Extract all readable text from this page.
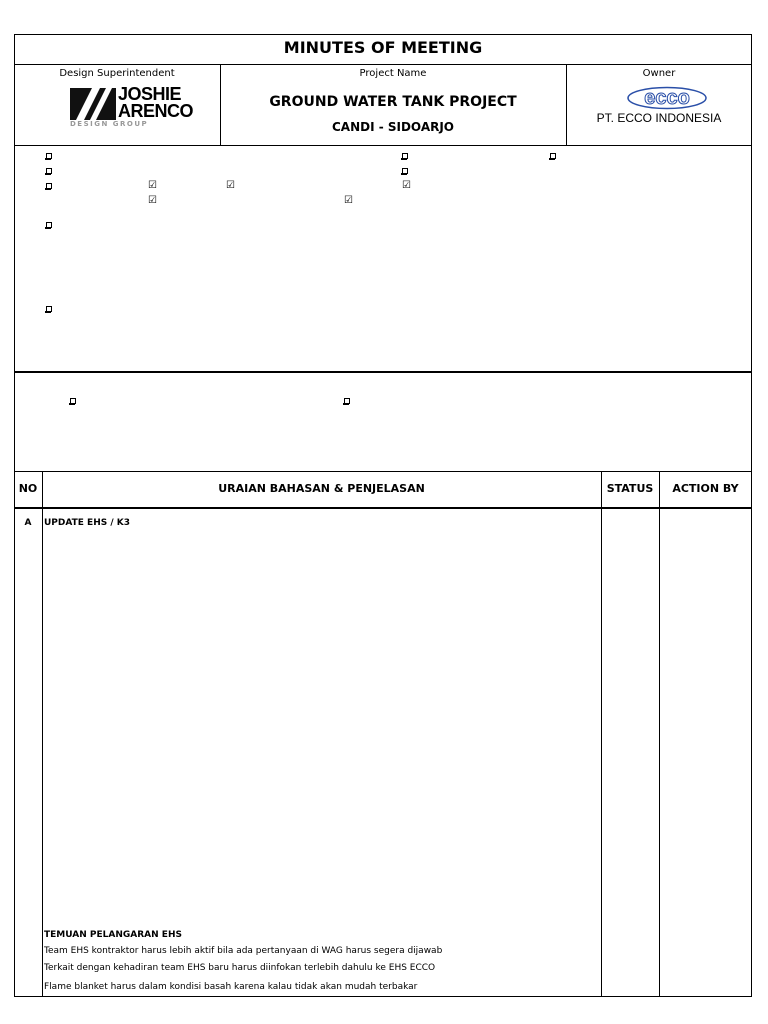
MINUTES OF MEETING
Design Superintendent	Project Name	Owner
JOSHIE
ARENCO
DESIGN GROUP
GROUND WATER TANK PROJECT
CANDI - SIDOARJO
ecco
PT. ECCO INDONESIA
☑	☑	☑
☑	☑
NO	URAIAN BAHASAN & PENJELASAN	STATUS	ACTION BY
A	UPDATE EHS / K3
TEMUAN PELANGARAN EHS
Team EHS kontraktor harus lebih aktif bila ada pertanyaan di WAG harus segera dijawab
Terkait dengan kehadiran team EHS baru harus diinfokan terlebih dahulu ke EHS ECCO
Flame blanket harus dalam kondisi basah karena kalau tidak akan mudah terbakar
